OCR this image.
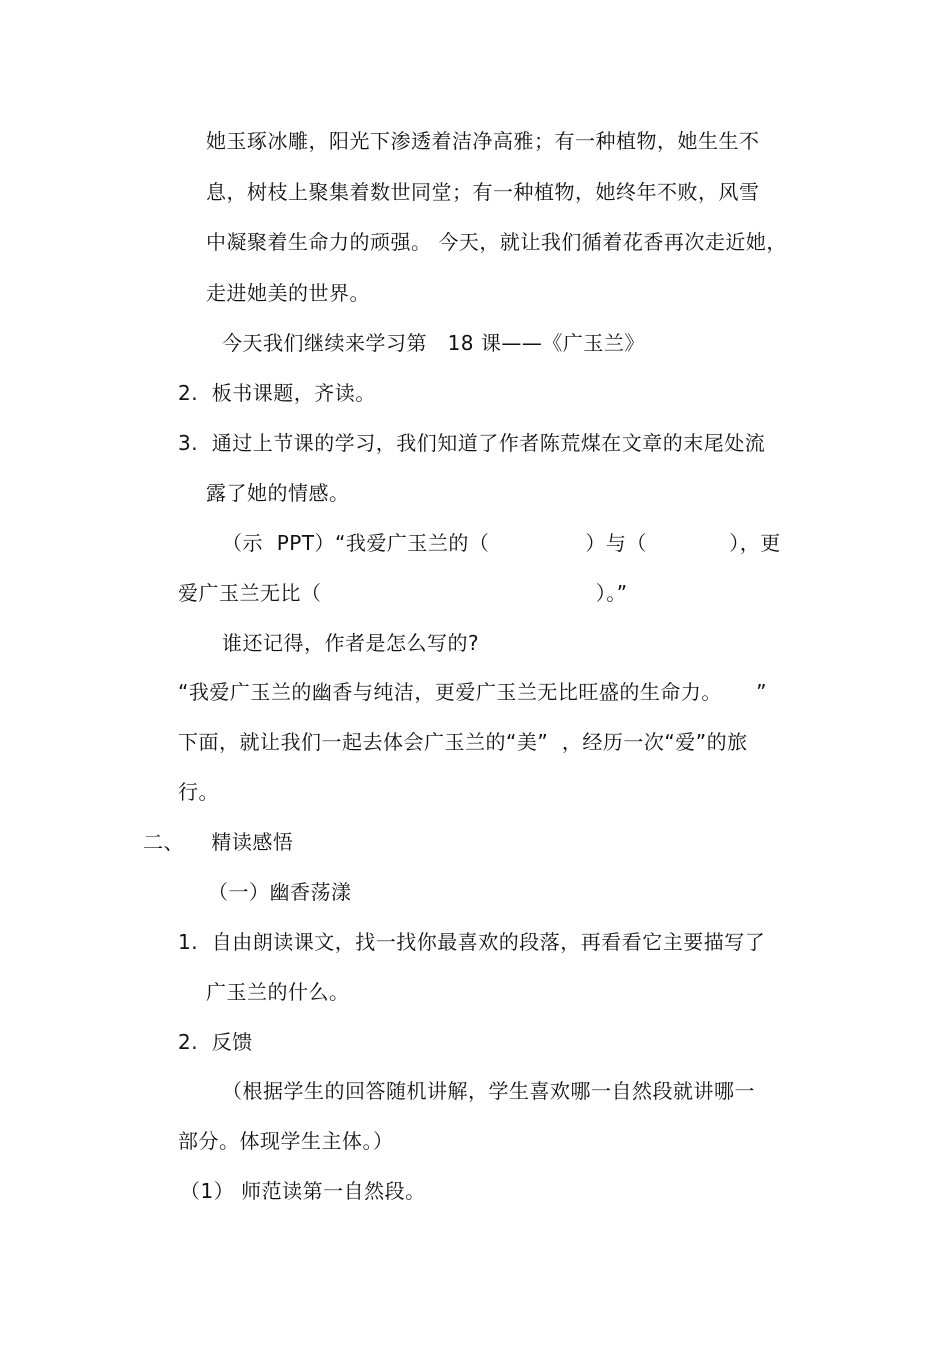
她玉琢冰雕，阳光下渗透着洁净高雅；有一种植物，她生生不
息，树枝上聚集着数世同堂；有一种植物，她终年不败，风雪
中凝聚着生命力的顽强。 今天，就让我们循着花香再次走近她，
走进她美的世界。
今天我们继续来学习第   18 课——《广玉兰》
2.  板书课题，齐读。
3.  通过上节课的学习，我们知道了作者陈荒煤在文章的末尾处流
露了她的情感。
（示  PPT）“我爱广玉兰的（              ）与（            ），更
爱广玉兰无比（                                        ）。”
谁还记得，作者是怎么写的?
“我爱广玉兰的幽香与纯洁，更爱广玉兰无比旺盛的生命力。     ”
下面，就让我们一起去体会广玉兰的“美”  ，经历一次“爱”的旅
行。
二、    精读感悟
（一）幽香荡漾
1.  自由朗读课文，找一找你最喜欢的段落，再看看它主要描写了
广玉兰的什么。
2.  反馈
（根据学生的回答随机讲解，学生喜欢哪一自然段就讲哪一
部分。体现学生主体。）
（1） 师范读第一自然段。
